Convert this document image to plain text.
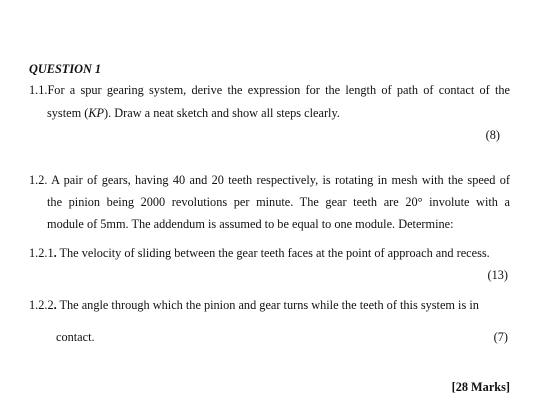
QUESTION 1
1.1.For a spur gearing system, derive the expression for the length of path of contact of the
system (KP). Draw a neat sketch and show all steps clearly.
(8)
1.2. A pair of gears, having 40 and 20 teeth respectively, is rotating in mesh with the speed of
the pinion being 2000 revolutions per minute. The gear teeth are 20° involute with a
module of 5mm. The addendum is assumed to be equal to one module. Determine:
1.2.1. The velocity of sliding between the gear teeth faces at the point of approach and recess.
(13)
1.2.2. The angle through which the pinion and gear turns while the teeth of this system is in
contact.	(7)
[28 Marks]
